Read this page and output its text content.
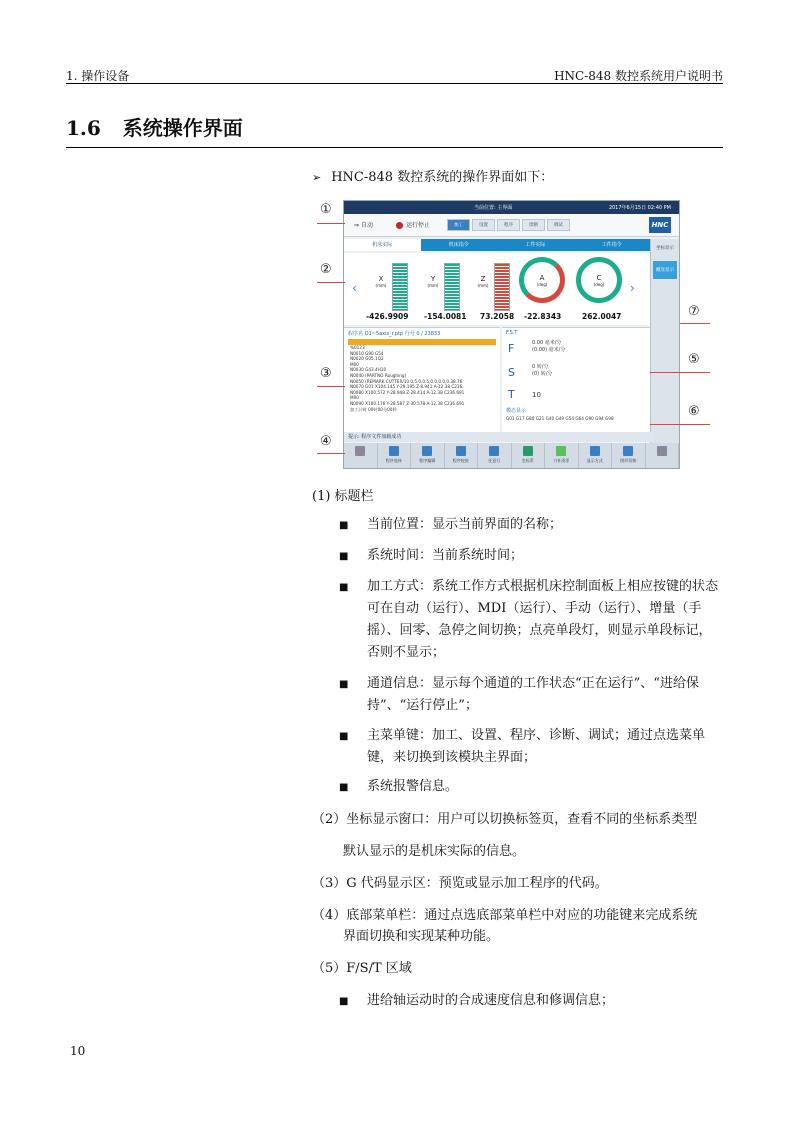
1. 操作设备	HNC-848 数控系统用户说明书
1.6 系统操作界面
➢ HNC-848 数控系统的操作界面如下：
当前位置: 主界面	2017年6月15日 02:40 PM
⇒ 自动	运行停止	加工	设置	程序	诊断	调试	HNC
机床实际	机床指令	工件实际	工件指令
坐标显示
概显显示
‹
X
(mm)
Y
(mm)
Z
(mm)
A
(deg)
C
(deg)	›
-426.9909 -154.0081 73.2058 -22.8343	262.0047
程序名 O1~5axis_r.ptp 行号 0 / 23833
%0123
N0010 G90 G54
N0020 G05.1Q2
M00
N0030 G43.4H10
N0040 (PARTNO Roughing)
N0050 (REMARK CUTTER/10.0,5.0,0.5,0.0,0.0,0.38.76
N0070 G01 X104.145 Y-29.195 Z-8.941 A-12.38 C236.
N0080 X100.572 Y-28.948 Z-28.414 A-12.38 C236.691
M00
N0090 X100.176 Y-28.587 Z-30.578 A-12.38 C236.691
加工计时 00时00分00秒
F.S.T
F	0.00 毫米/分
(0.00) 毫米/分
S	0 转/分
(0) 转/分
T 10
模态显示
G01 G17 G80 G21 G40 G49 G54 G64 G90 G94 G98
提示: 程序文件加载成功
程序选择	程序编辑	程序校验	任意行	坐标系	刀补清零	显示方式	图形切换
①
②
③
④
⑤
⑥
⑦
(1) 标题栏
■ 当前位置：显示当前界面的名称；
■ 系统时间：当前系统时间；
■ 加工方式：系统工作方式根据机床控制面板上相应按键的状态可在自动（运行）、MDI（运行）、手动（运行）、增量（手摇）、回零、急停之间切换；点亮单段灯，则显示单段标记，否则不显示；
■ 通道信息：显示每个通道的工作状态“正在运行”、“进给保持”、“运行停止”；
■ 主菜单键：加工、设置、程序、诊断、调试；通过点选菜单键，来切换到该模块主界面；
■ 系统报警信息。
（2）坐标显示窗口：用户可以切换标签页，查看不同的坐标系类型
默认显示的是机床实际的信息。
（3）G 代码显示区：预览或显示加工程序的代码。
（4）底部菜单栏：通过点选底部菜单栏中对应的功能键来完成系统
界面切换和实现某种功能。
（5）F/S/T 区域
■ 进给轴运动时的合成速度信息和修调信息；
10
